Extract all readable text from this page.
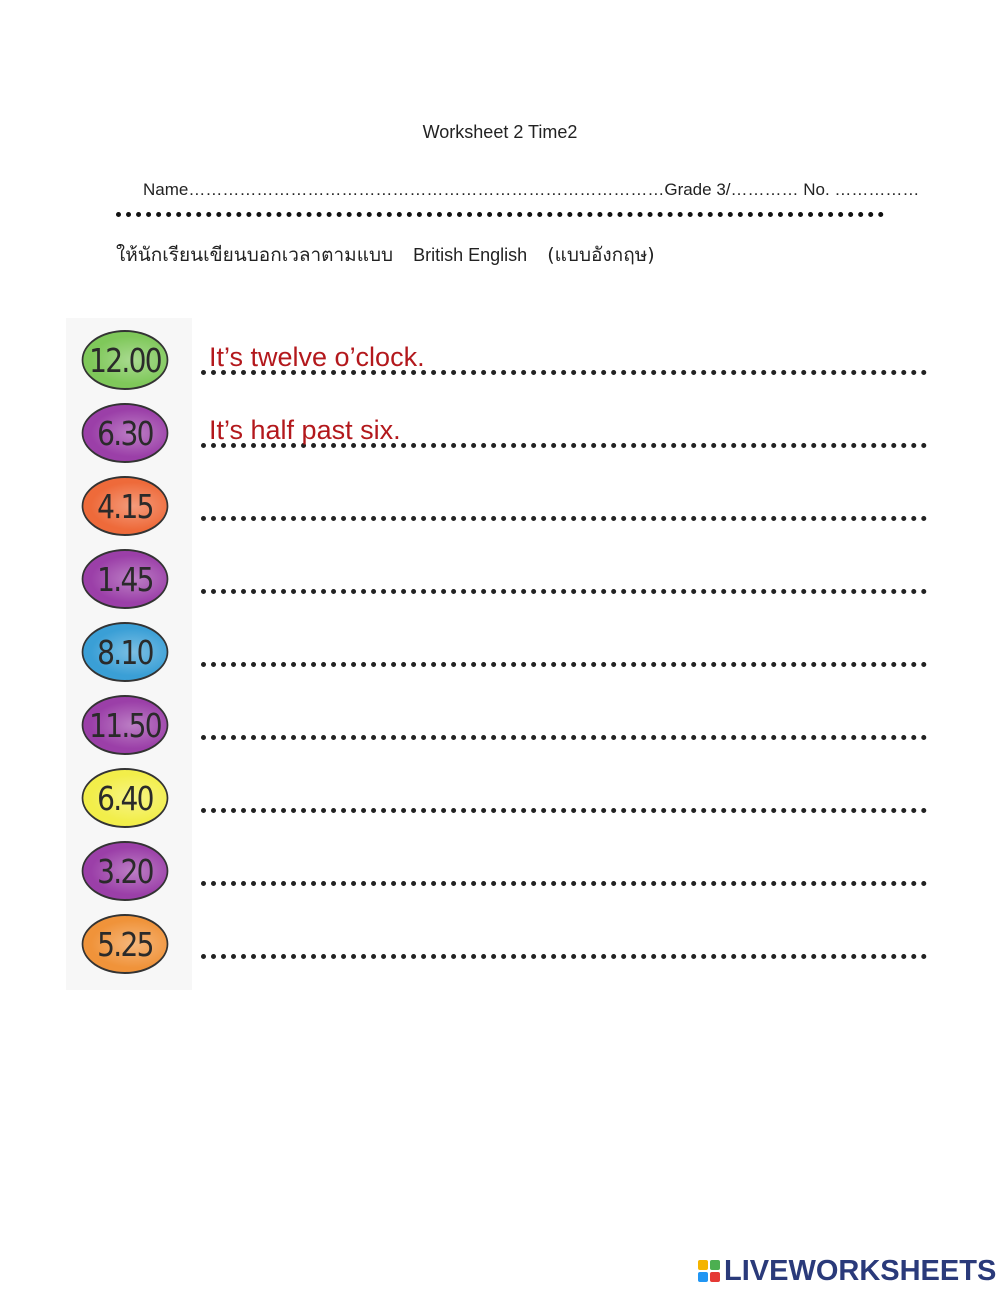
Worksheet 2 Time2
Name…………………………………………………………………………Grade 3/………… No. ……………
ให้นักเรียนเขียนบอกเวลาตามแบบ British English (แบบอังกฤษ)
12.00 It’s twelve o’clock.
6.30	It’s half past six.
4.15
1.45
8.10
11.50
6.40
3.20
5.25
LIVEWORKSHEETS
